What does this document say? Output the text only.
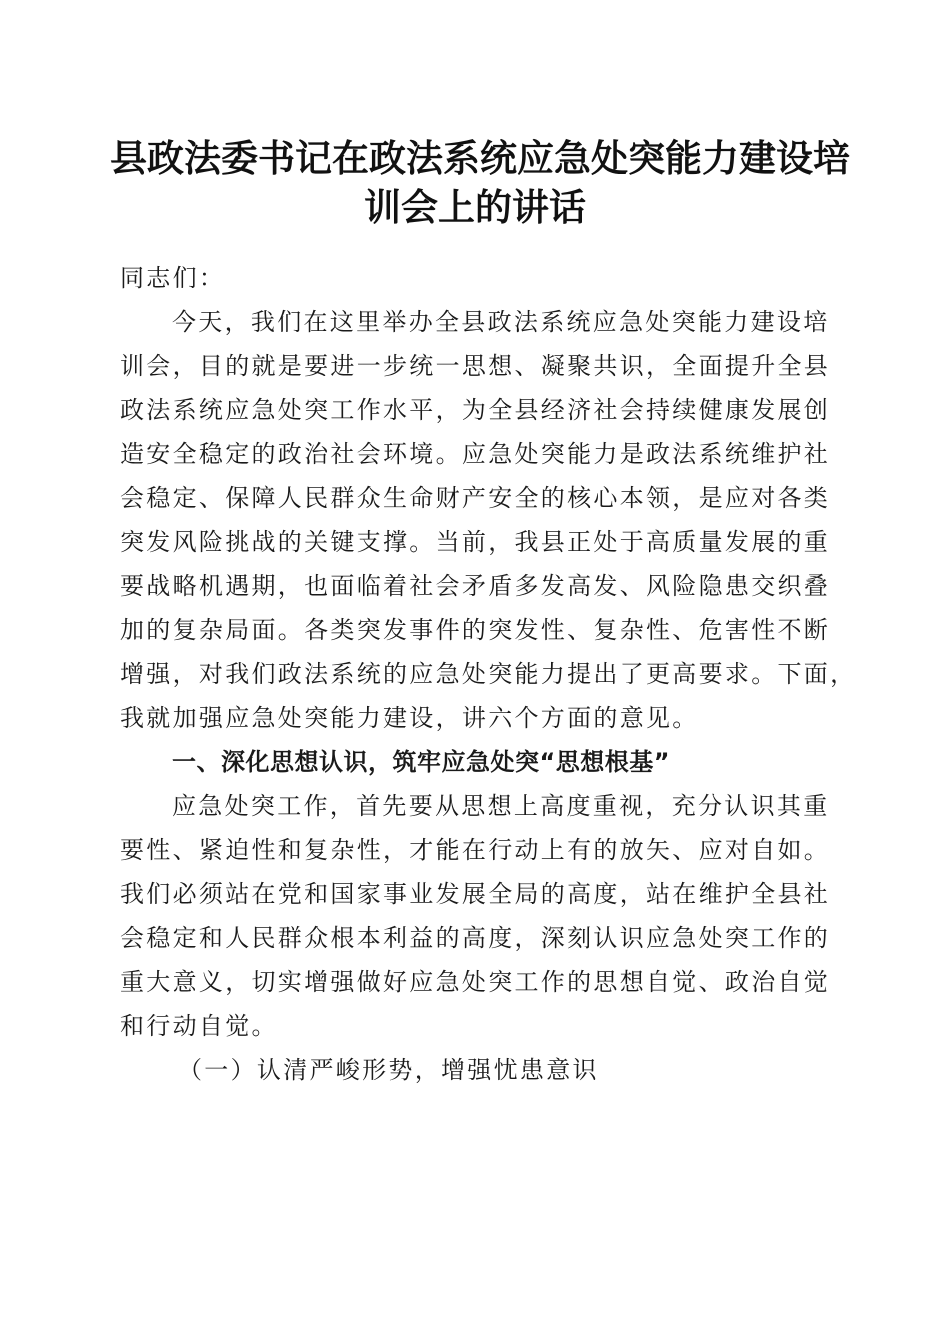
县政法委书记在政法系统应急处突能力建设培
训会上的讲话
同志们：
今天，我们在这里举办全县政法系统应急处突能力建设培
训会，目的就是要进一步统一思想、凝聚共识，全面提升全县
政法系统应急处突工作水平，为全县经济社会持续健康发展创
造安全稳定的政治社会环境。应急处突能力是政法系统维护社
会稳定、保障人民群众生命财产安全的核心本领，是应对各类
突发风险挑战的关键支撑。当前，我县正处于高质量发展的重
要战略机遇期，也面临着社会矛盾多发高发、风险隐患交织叠
加的复杂局面。各类突发事件的突发性、复杂性、危害性不断
增强，对我们政法系统的应急处突能力提出了更高要求。下面，
我就加强应急处突能力建设，讲六个方面的意见。
一、深化思想认识，筑牢应急处突“思想根基”
应急处突工作，首先要从思想上高度重视，充分认识其重
要性、紧迫性和复杂性，才能在行动上有的放矢、应对自如。
我们必须站在党和国家事业发展全局的高度，站在维护全县社
会稳定和人民群众根本利益的高度，深刻认识应急处突工作的
重大意义，切实增强做好应急处突工作的思想自觉、政治自觉
和行动自觉。
（一）认清严峻形势，增强忧患意识
